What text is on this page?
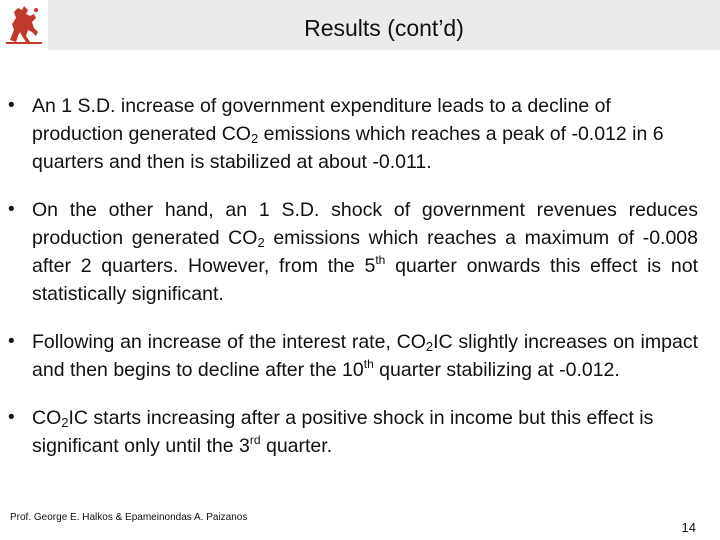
Results (cont’d)
• An 1 S.D. increase of government expenditure leads to a decline of production generated $CO_2$ emissions which reaches a peak of -0.012 in 6 quarters and then is stabilized at about -0.011.
• On the other hand, an 1 S.D. shock of government revenues reduces production generated $CO_2$ emissions which reaches a maximum of -0.008 after 2 quarters. However, from the 5th quarter onwards this effect is not statistically significant.
• Following an increase of the interest rate, $CO_2IC$ slightly increases on impact and then begins to decline after the 10th quarter stabilizing at -0.012.
• $CO_2IC$ starts increasing after a positive shock in income but this effect is significant only until the 3rd quarter.
Prof. George E. Halkos & Epameinondas A. Paizanos
14
